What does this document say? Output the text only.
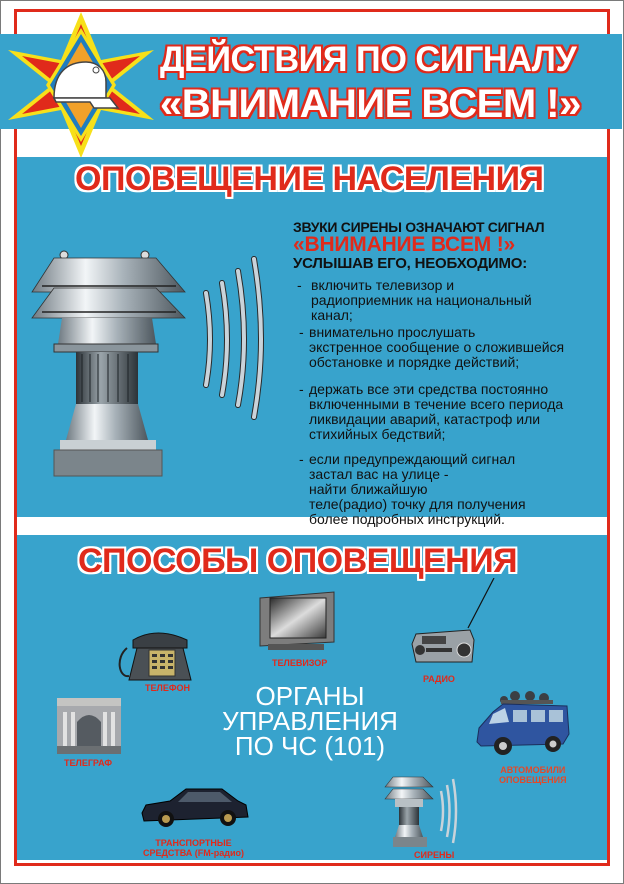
ДЕЙСТВИЯ ПО СИГНАЛУ
«ВНИМАНИЕ ВСЕМ !»
ОПОВЕЩЕНИЕ НАСЕЛЕНИЯ
ЗВУКИ СИРЕНЫ ОЗНАЧАЮТ СИГНАЛ
«ВНИМАНИЕ ВСЕМ !»
УСЛЫШАВ ЕГО, НЕОБХОДИМО:
- включить телевизор и
радиоприемник на национальный
канал;
- внимательно прослушать
экстренное сообщение о сложившейся
обстановке и порядке действий;
- держать все эти средства постоянно
включенными в течение всего периода
ликвидации аварий, катастроф или
стихийных бедствий;
- если предупреждающий сигнал
застал вас на улице -
найти ближайшую
теле(радио) точку для получения
более подробных инструкций.
СПОСОБЫ ОПОВЕЩЕНИЯ
ТЕЛЕВИЗОР
ТЕЛЕФОН
РАДИО
ТЕЛЕГРАФ
ОРГАНЫ
УПРАВЛЕНИЯ
ПО ЧС (101)
АВТОМОБИЛИ
ОПОВЕЩЕНИЯ
ТРАНСПОРТНЫЕ
СРЕДСТВА (FM-радио)	СИРЕНЫ
